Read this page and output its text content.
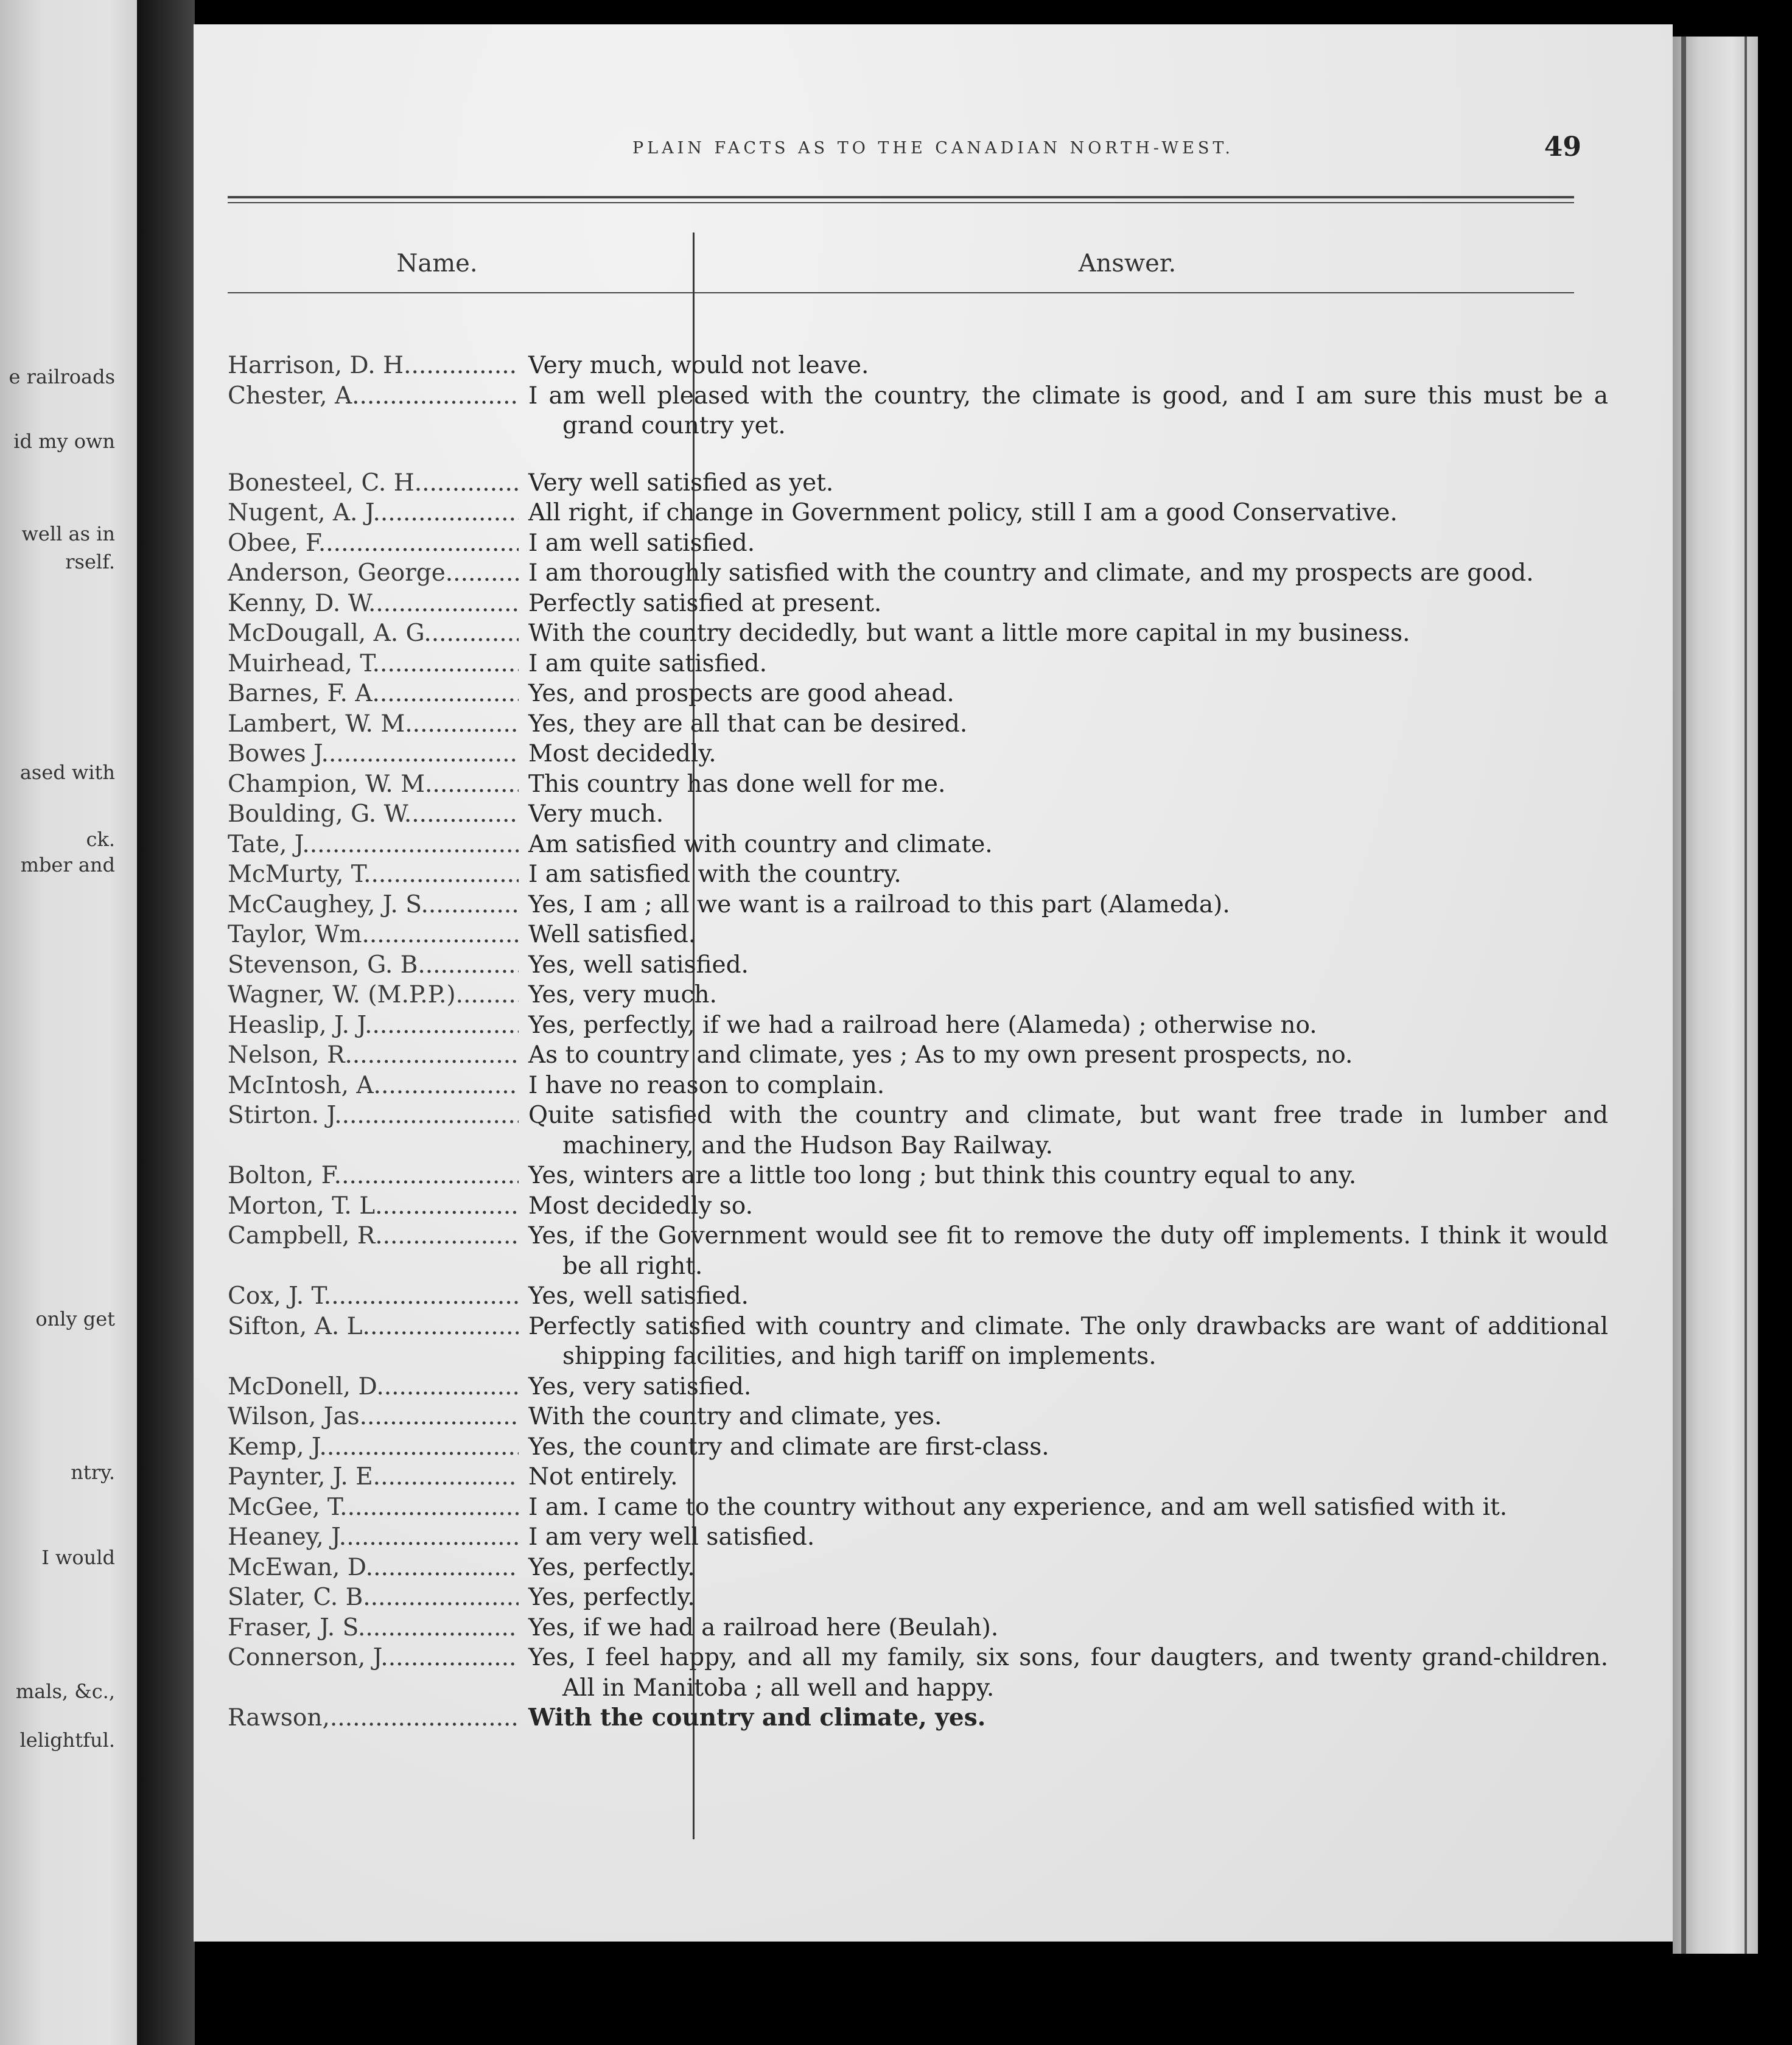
e railroads
id my own
well as in
rself.
ased with
ck.
mber and
only get
ntry.
I would
mals, &c.,
lelightful.
PLAIN FACTS AS TO THE CANADIAN NORTH-WEST.	49
Name.	Answer.
Harrison, D. H .....	Very much, would not leave.
Chester, A .....	I am well pleased with the country, the climate is good, and I am sure this must be a grand country yet.
Bonesteel, C. H .....	Very well satisfied as yet.
Nugent, A. J .....	All right, if change in Government policy, still I am a good Conservative.
Obee, F .....	I am well satisfied.
Anderson, George .....	I am thoroughly satisfied with the country and climate, and my prospects are good.
Kenny, D. W .....	Perfectly satisfied at present.
McDougall, A. G .....	With the country decidedly, but want a little more capital in my business.
Muirhead, T .....	I am quite satisfied.
Barnes, F. A .....	Yes, and prospects are good ahead.
Lambert, W. M .....	Yes, they are all that can be desired.
Bowes J .....	Most decidedly.
Champion, W. M .....	This country has done well for me.
Boulding, G. W .....	Very much.
Tate, J .....	Am satisfied with country and climate.
McMurty, T .....	I am satisfied with the country.
McCaughey, J. S .....	Yes, I am ; all we want is a railroad to this part (Alameda).
Taylor, Wm .....	Well satisfied.
Stevenson, G. B .....	Yes, well satisfied.
Wagner, W. (M.P.P.) .....	Yes, very much.
Heaslip, J. J .....	Yes, perfectly, if we had a railroad here (Alameda) ; otherwise no.
Nelson, R .....	As to country and climate, yes ; As to my own present prospects, no.
McIntosh, A .....	I have no reason to complain.
Stirton. J .....	Quite satisfied with the country and climate, but want free trade in lumber and machinery, and the Hudson Bay Railway.
Bolton, F .....	Yes, winters are a little too long ; but think this country equal to any.
Morton, T. L .....	Most decidedly so.
Campbell, R .....	Yes, if the Government would see fit to remove the duty off implements. I think it would be all right.
Cox, J. T .....	Yes, well satisfied.
Sifton, A. L .....	Perfectly satisfied with country and climate. The only drawbacks are want of additional shipping facilities, and high tariff on implements.
McDonell, D .....	Yes, very satisfied.
Wilson, Jas .....	With the country and climate, yes.
Kemp, J .....	Yes, the country and climate are first-class.
Paynter, J. E .....	Not entirely.
McGee, T .....	I am. I came to the country without any experience, and am well satisfied with it.
Heaney, J .....	I am very well satisfied.
McEwan, D .....	Yes, perfectly.
Slater, C. B .....	Yes, perfectly.
Fraser, J. S .....	Yes, if we had a railroad here (Beulah).
Connerson, J .....	Yes, I feel happy, and all my family, six sons, four daugters, and twenty grand-children. All in Manitoba ; all well and happy.
Rawson, .....	With the country and climate, yes.
